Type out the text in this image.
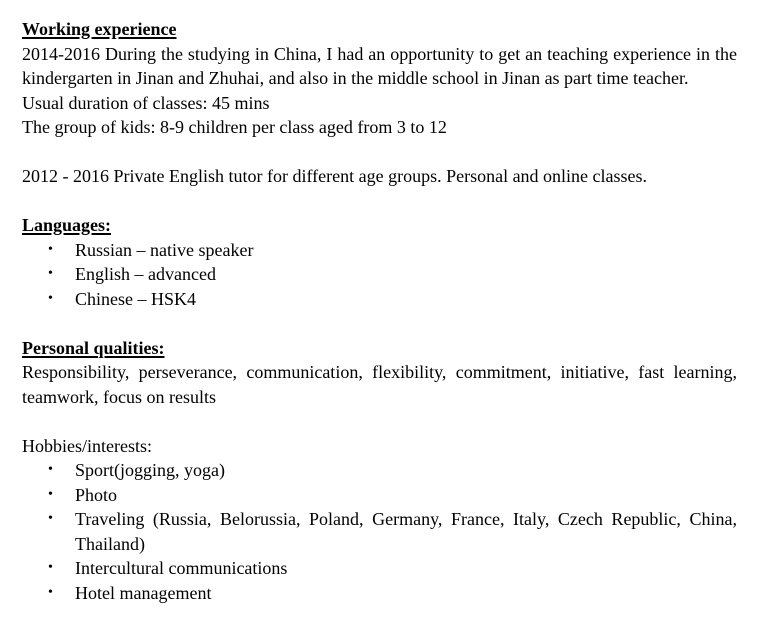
Working experience

2014-2016 During the studying in China, I had an opportunity to get an teaching experience in the kindergarten in Jinan and Zhuhai, and also in the middle school in Jinan as part time teacher.

Usual duration of classes: 45 mins

The group of kids: 8-9 children per class aged from 3 to 12

2012 - 2016 Private English tutor for different age groups. Personal and online classes.

Languages:
• Russian – native speaker
• English – advanced
• Chinese – HSK4
Personal qualities:

Responsibility, perseverance, communication, flexibility, commitment, initiative, fast learning, teamwork, focus on results

Hobbies/interests:

• Sport(jogging, yoga)
• Photo
• Traveling (Russia, Belorussia, Poland, Germany, France, Italy, Czech Republic, China, Thailand)
• Intercultural communications
• Hotel management
